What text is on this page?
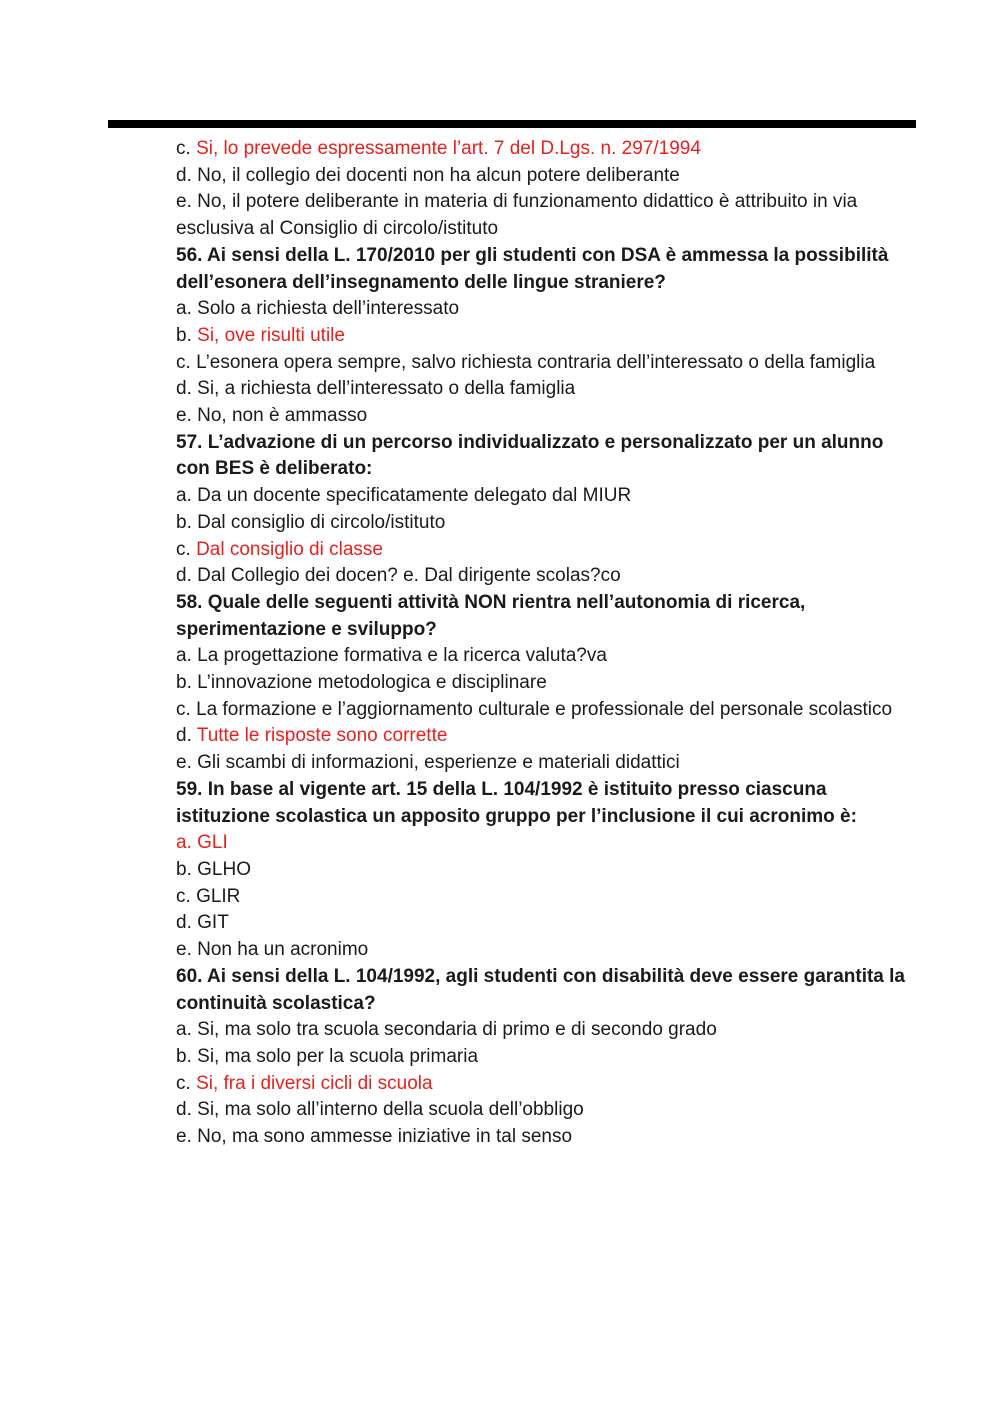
c. Si, lo prevede espressamente l’art. 7 del D.Lgs. n. 297/1994
d. No, il collegio dei docenti non ha alcun potere deliberante
e. No, il potere deliberante in materia di funzionamento didattico è attribuito in via esclusiva al Consiglio di circolo/istituto
56. Ai sensi della L. 170/2010 per gli studenti con DSA è ammessa la possibilità dell’esonera dell’insegnamento delle lingue straniere?
a. Solo a richiesta dell’interessato
b. Si, ove risulti utile
c. L’esonera opera sempre, salvo richiesta contraria dell’interessato o della famiglia
d. Si, a richiesta dell’interessato o della famiglia
e. No, non è ammasso
57. L’advazione di un percorso individualizzato e personalizzato per un alunno con BES è deliberato:
a. Da un docente specificatamente delegato dal MIUR
b. Dal consiglio di circolo/istituto
c. Dal consiglio di classe
d. Dal Collegio dei docen? e. Dal dirigente scolas?co
58. Quale delle seguenti attività NON rientra nell’autonomia di ricerca, sperimentazione e sviluppo?
a. La progettazione formativa e la ricerca valuta?va
b. L’innovazione metodologica e disciplinare
c. La formazione e l’aggiornamento culturale e professionale del personale scolastico
d. Tutte le risposte sono corrette
e. Gli scambi di informazioni, esperienze e materiali didattici
59. In base al vigente art. 15 della L. 104/1992 è istituito presso ciascuna istituzione scolastica un apposito gruppo per l’inclusione il cui acronimo è:
a. GLI
b. GLHO
c. GLIR
d. GIT
e. Non ha un acronimo
60. Ai sensi della L. 104/1992, agli studenti con disabilità deve essere garantita la continuità scolastica?
a. Si, ma solo tra scuola secondaria di primo e di secondo grado
b. Si, ma solo per la scuola primaria
c. Si, fra i diversi cicli di scuola
d. Si, ma solo all’interno della scuola dell’obbligo
e. No, ma sono ammesse iniziative in tal senso
